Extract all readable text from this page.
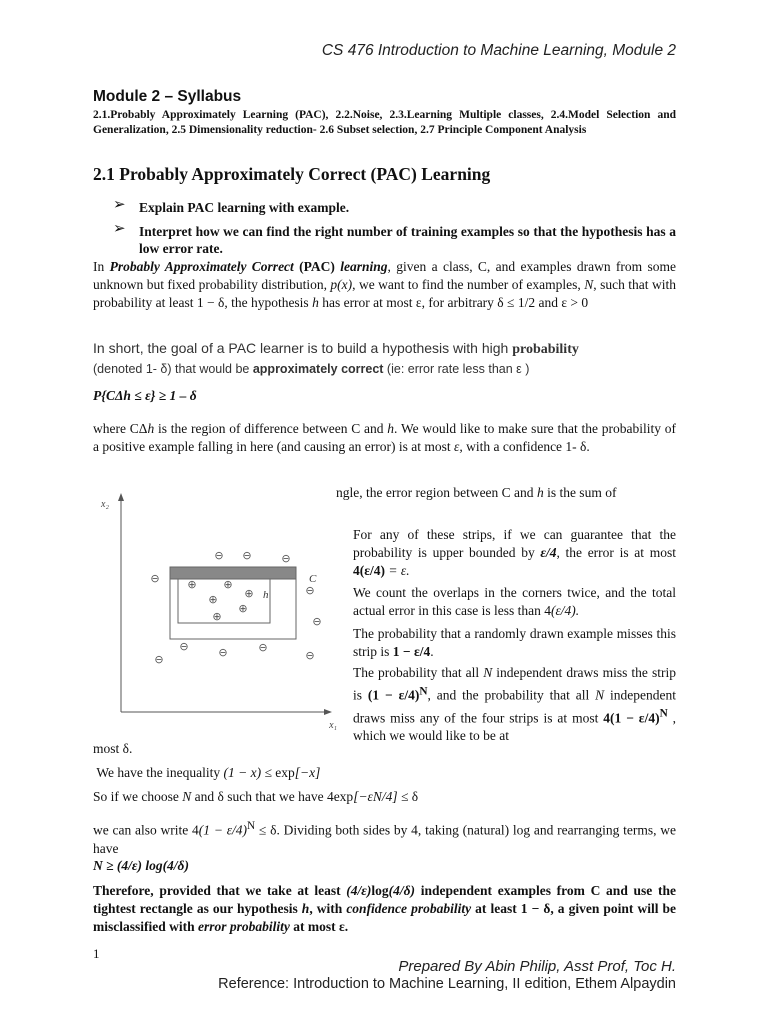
CS 476 Introduction to Machine Learning, Module 2
Module 2 – Syllabus
2.1.Probably Approximately Learning (PAC), 2.2.Noise, 2.3.Learning Multiple classes, 2.4.Model Selection and Generalization, 2.5 Dimensionality reduction- 2.6 Subset selection, 2.7 Principle Component Analysis
2.1 Probably Approximately Correct (PAC) Learning
➢ Explain PAC learning with example.
➢ Interpret how we can find the right number of training examples so that the hypothesis has a low error rate.
In Probably Approximately Correct (PAC) learning, given a class, C, and examples drawn from some unknown but fixed probability distribution, p(x), we want to find the number of examples, N, such that with probability at least 1 − δ, the hypothesis h has error at most ε, for arbitrary δ ≤ 1/2 and ε > 0
In short, the goal of a PAC learner is to build a hypothesis with high probability
(denoted 1- δ) that would be approximately correct (ie: error rate less than ε )
P{CΔh ≤ ε} ≥ 1 – δ
where CΔh is the region of difference between C and h. We would like to make sure that the probability of a positive example falling in here (and causing an error) is at most ε, with a confidence 1- δ.
x₂
x₁
C
h
⊕ ⊕
⊕
⊕
⊕
⊕
⊖ ⊖	⊖
⊖
⊖
⊖
⊖	⊖	⊖
⊖	⊖
ngle, the error region between C and h is the sum of
For any of these strips, if we can guarantee that the probability is upper bounded by ε/4, the error is at most 4(ε/4) = ε.
We count the overlaps in the corners twice, and the total actual error in this case is less than 4(ε/4).
The probability that a randomly drawn example misses this strip is 1 − ε/4.
The probability that all N independent draws miss the strip is $(1 - \varepsilon/4)^N$, and the probability that all N independent draws miss any of the four strips is at most $4(1 - \varepsilon/4)^N$ , which we would like to be at
most δ.
We have the inequality (1 − x) ≤ exp[−x]
So if we choose N and δ such that we have 4exp[−εN/4] ≤ δ
we can also write $4(1 - \varepsilon/4)^N \le \delta$. Dividing both sides by 4, taking (natural) log and rearranging terms, we have
N ≥ (4/ε) log(4/δ)
Therefore, provided that we take at least (4/ε)log(4/δ) independent examples from C and use the tightest rectangle as our hypothesis h, with confidence probability at least 1 − δ, a given point will be misclassified with error probability at most ε.
1
Prepared By Abin Philip, Asst Prof, Toc H.
Reference: Introduction to Machine Learning, II edition, Ethem Alpaydin
